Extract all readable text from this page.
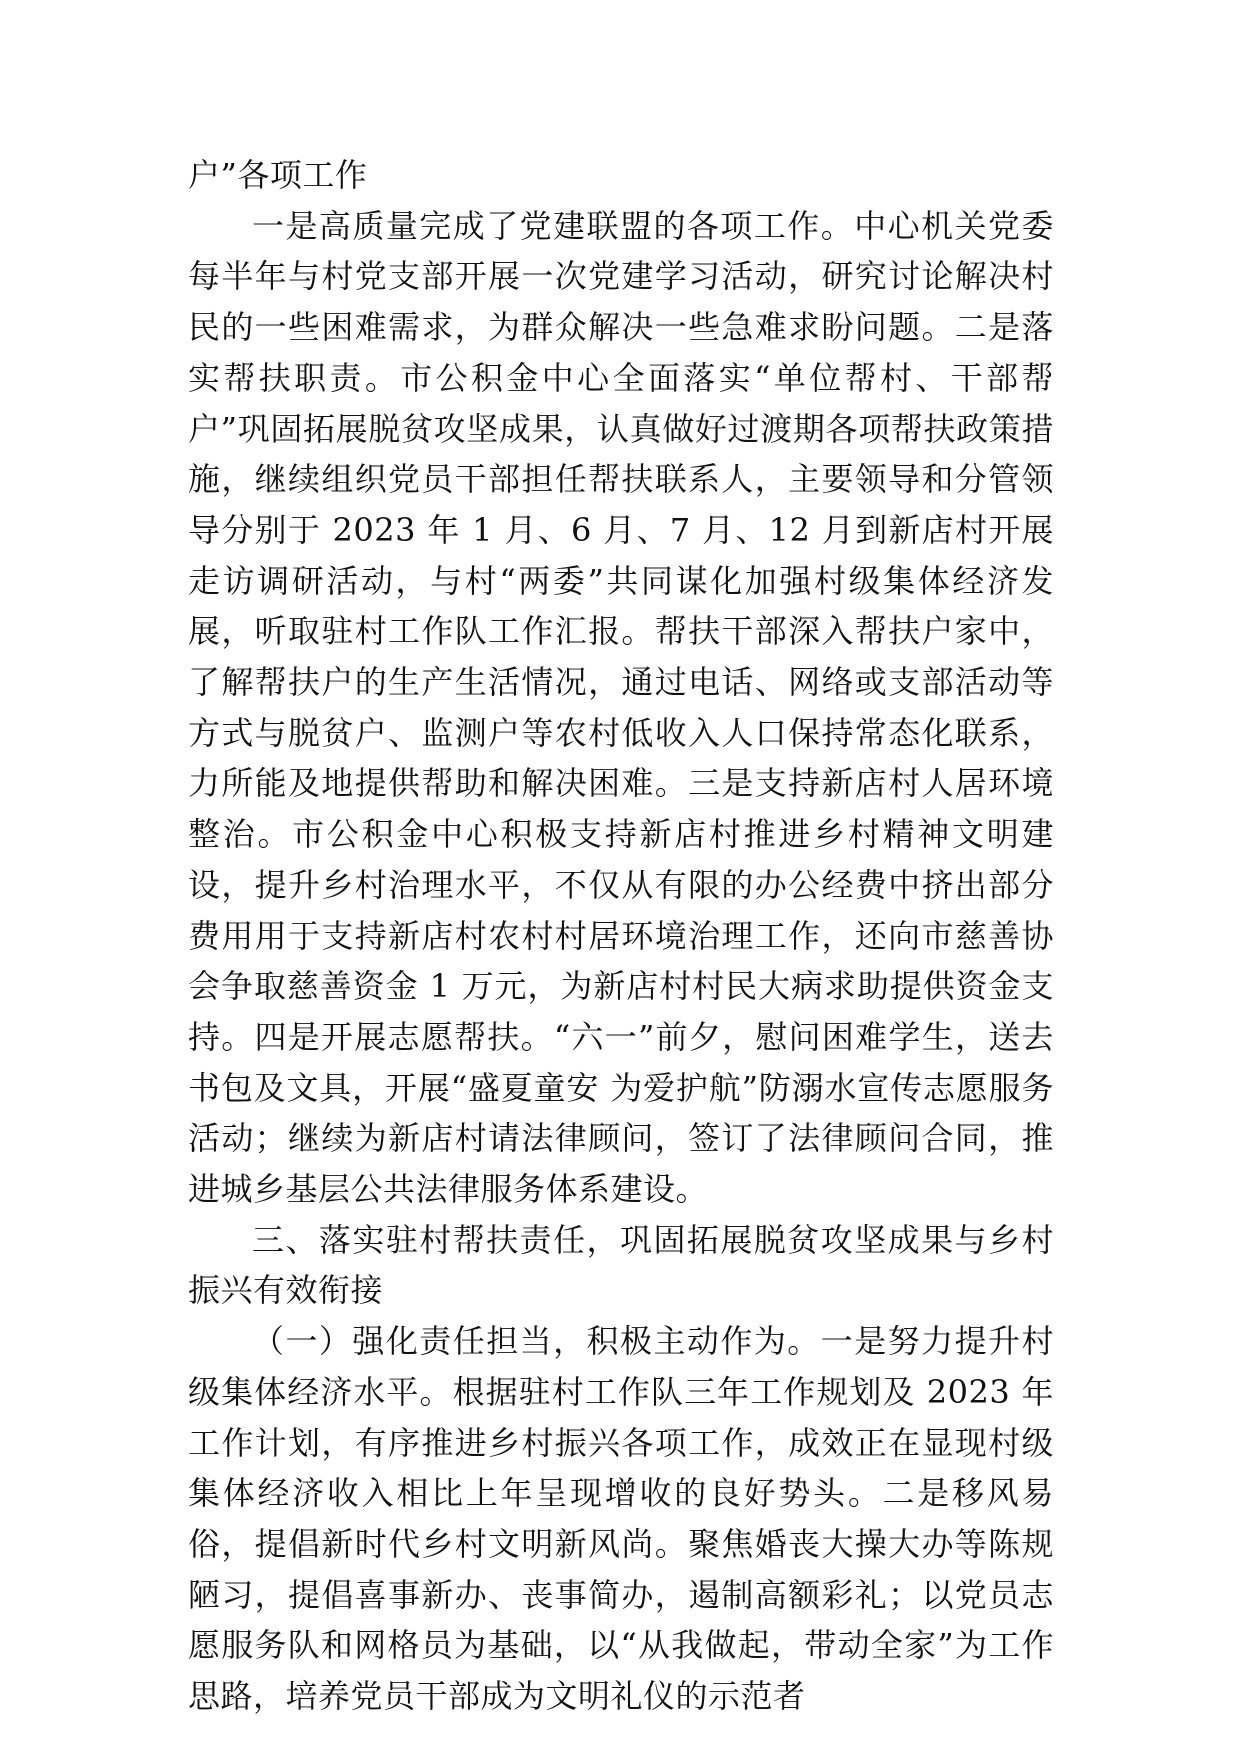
户”各项工作

一是高质量完成了党建联盟的各项工作。中心机关党委每半年与村党支部开展一次党建学习活动，研究讨论解决村民的一些困难需求，为群众解决一些急难求盼问题。二是落实帮扶职责。市公积金中心全面落实“单位帮村、干部帮户”巩固拓展脱贫攻坚成果，认真做好过渡期各项帮扶政策措施，继续组织党员干部担任帮扶联系人，主要领导和分管领导分别于 2023 年 1 月、6 月、7 月、12 月到新店村开展走访调研活动，与村“两委”共同谋化加强村级集体经济发展，听取驻村工作队工作汇报。帮扶干部深入帮扶户家中，了解帮扶户的生产生活情况，通过电话、网络或支部活动等方式与脱贫户、监测户等农村低收入人口保持常态化联系，力所能及地提供帮助和解决困难。三是支持新店村人居环境整治。市公积金中心积极支持新店村推进乡村精神文明建设，提升乡村治理水平，不仅从有限的办公经费中挤出部分费用用于支持新店村农村村居环境治理工作，还向市慈善协会争取慈善资金 1 万元，为新店村村民大病求助提供资金支持。四是开展志愿帮扶。“六一”前夕，慰问困难学生，送去书包及文具，开展“盛夏童安 为爱护航”防溺水宣传志愿服务活动；继续为新店村请法律顾问，签订了法律顾问合同，推进城乡基层公共法律服务体系建设。

三、落实驻村帮扶责任，巩固拓展脱贫攻坚成果与乡村振兴有效衔接

（一）强化责任担当，积极主动作为。一是努力提升村级集体经济水平。根据驻村工作队三年工作规划及 2023 年工作计划，有序推进乡村振兴各项工作，成效正在显现村级集体经济收入相比上年呈现增收的良好势头。二是移风易俗，提倡新时代乡村文明新风尚。聚焦婚丧大操大办等陈规陋习，提倡喜事新办、丧事简办，遏制高额彩礼；以党员志愿服务队和网格员为基础，以“从我做起，带动全家”为工作思路，培养党员干部成为文明礼仪的示范者
